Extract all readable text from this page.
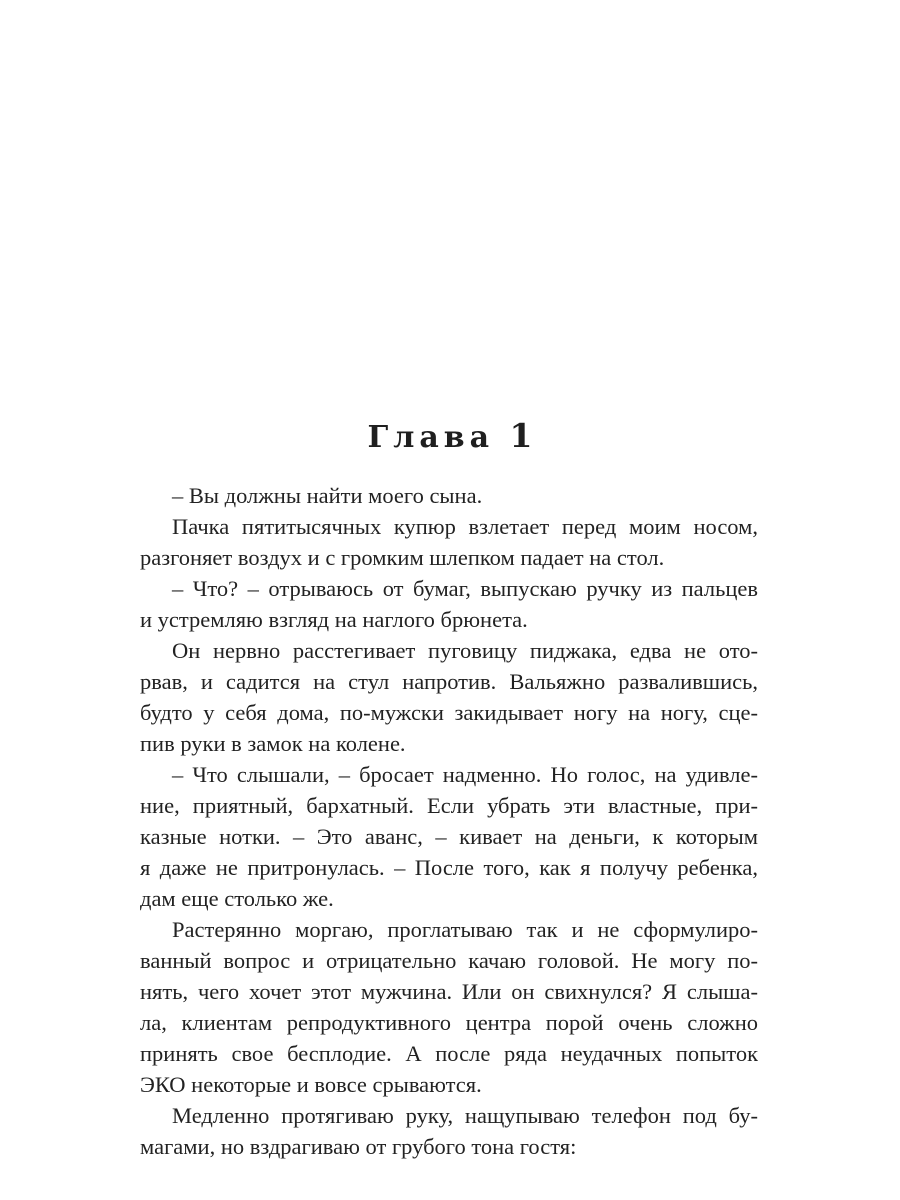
Глава 1
– Вы должны найти моего сына.
Пачка пятитысячных купюр взлетает перед моим носом,
разгоняет воздух и с громким шлепком падает на стол.
– Что? – отрываюсь от бумаг, выпускаю ручку из пальцев
и устремляю взгляд на наглого брюнета.
Он нервно расстегивает пуговицу пиджака, едва не ото-
рвав, и садится на стул напротив. Вальяжно развалившись,
будто у себя дома, по-мужски закидывает ногу на ногу, сце-
пив руки в замок на колене.
– Что слышали, – бросает надменно. Но голос, на удивле-
ние, приятный, бархатный. Если убрать эти властные, при-
казные нотки. – Это аванс, – кивает на деньги, к которым
я даже не притронулась. – После того, как я получу ребенка,
дам еще столько же.
Растерянно моргаю, проглатываю так и не сформулиро-
ванный вопрос и отрицательно качаю головой. Не могу по-
нять, чего хочет этот мужчина. Или он свихнулся? Я слыша-
ла, клиентам репродуктивного центра порой очень сложно
принять свое бесплодие. А после ряда неудачных попыток
ЭКО некоторые и вовсе срываются.
Медленно протягиваю руку, нащупываю телефон под бу-
магами, но вздрагиваю от грубого тона гостя:
